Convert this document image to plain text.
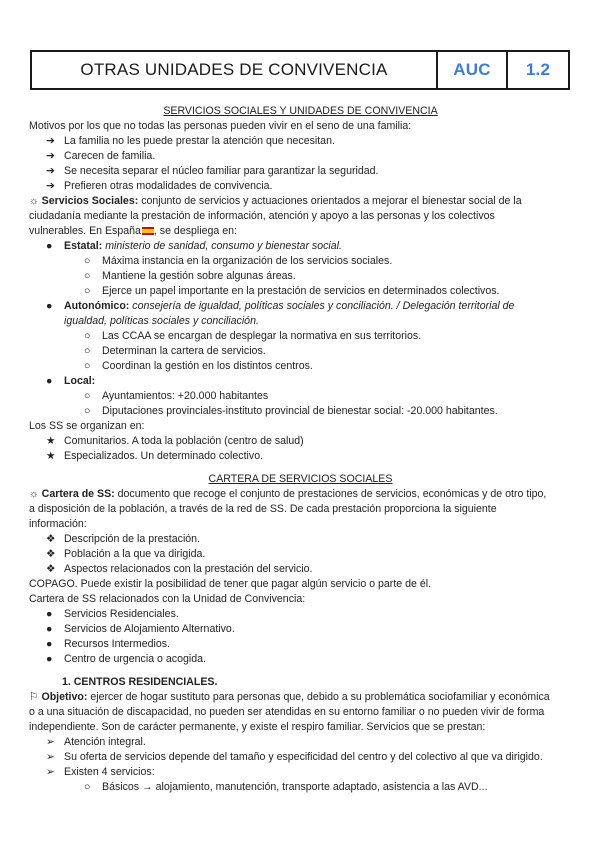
OTRAS UNIDADES DE CONVIVENCIA	AUC	1.2
SERVICIOS SOCIALES Y UNIDADES DE CONVIVENCIA
Motivos por los que no todas las personas pueden vivir en el seno de una familia:
➔ La familia no les puede prestar la atención que necesitan.
➔ Carecen de familia.
➔ Se necesita separar el núcleo familiar para garantizar la seguridad.
➔ Prefieren otras modalidades de convivencia.
☼ Servicios Sociales: conjunto de servicios y actuaciones orientados a mejorar el bienestar social de la
ciudadanía mediante la prestación de información, atención y apoyo a las personas y los colectivos
vulnerables. En España , se despliega en:
● Estatal: ministerio de sanidad, consumo y bienestar social.
○ Máxima instancia en la organización de los servicios sociales.
○ Mantiene la gestión sobre algunas áreas.
○ Ejerce un papel importante en la prestación de servicios en determinados colectivos.
● Autonómico: consejería de igualdad, políticas sociales y conciliación. / Delegación territorial de
igualdad, políticas sociales y conciliación.
○ Las CCAA se encargan de desplegar la normativa en sus territorios.
○ Determinan la cartera de servicios.
○ Coordinan la gestión en los distintos centros.
● Local:
○ Ayuntamientos: +20.000 habitantes
○ Diputaciones provinciales-instituto provincial de bienestar social: -20.000 habitantes.
Los SS se organizan en:
★ Comunitarios. A toda la población (centro de salud)
★ Especializados. Un determinado colectivo.
CARTERA DE SERVICIOS SOCIALES
☼ Cartera de SS: documento que recoge el conjunto de prestaciones de servicios, económicas y de otro tipo,
a disposición de la población, a través de la red de SS. De cada prestación proporciona la siguiente
información:
❖ Descripción de la prestación.
❖ Población a la que va dirigida.
❖ Aspectos relacionados con la prestación del servicio.
COPAGO. Puede existir la posibilidad de tener que pagar algún servicio o parte de él.
Cartera de SS relacionados con la Unidad de Convivencia:
● Servicios Residenciales.
● Servicios de Alojamiento Alternativo.
● Recursos Intermedios.
● Centro de urgencia o acogida.
1. CENTROS RESIDENCIALES.
⚐ Objetivo: ejercer de hogar sustituto para personas que, debido a su problemática sociofamiliar y económica
o a una situación de discapacidad, no pueden ser atendidas en su entorno familiar o no pueden vivir de forma
independiente. Son de carácter permanente, y existe el respiro familiar. Servicios que se prestan:
➢ Atención integral.
➢ Su oferta de servicios depende del tamaño y especificidad del centro y del colectivo al que va dirigido.
➢ Existen 4 servicios:
○ Básicos → alojamiento, manutención, transporte adaptado, asistencia a las AVD...
